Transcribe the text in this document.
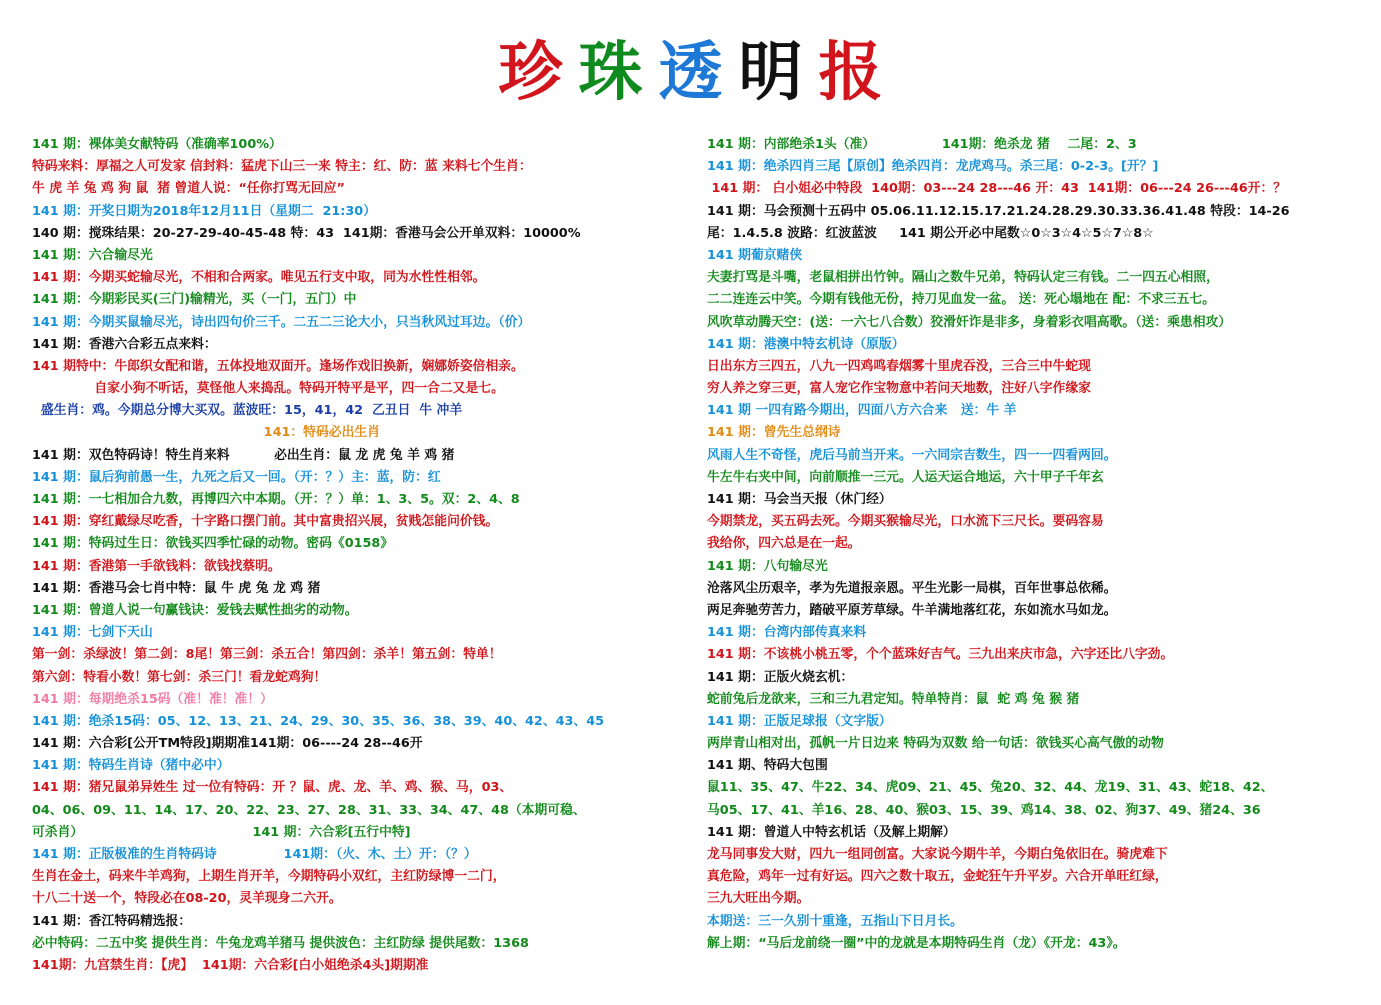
珍 珠 透 明 报
141 期：裸体美女献特码（准确率100%）
特码来料：厚福之人可发家 信封料：猛虎下山三一来 特主：红、防：蓝 来料七个生肖：
牛 虎 羊 兔 鸡 狗 鼠  猪 曾道人说：“任你打骂无回应”
141 期：开奖日期为2018年12月11日（星期二  21:30）
140 期：搅珠结果：20-27-29-40-45-48 特：43  141期：香港马会公开单双料：10000%
141 期：六合输尽光
141 期：今期买蛇输尽光，不相和合两家。唯见五行支中取，同为水性性相邻。
141 期：今期彩民买(三门)输精光，买（一门，五门）中
141 期：今期买鼠输尽光，诗出四句价三千。二五二三论大小，只当秋风过耳边。（价）
141 期：香港六合彩五点来料：
141 期特中：牛郎织女配和谐，五体投地双面开。逢场作戏旧换新，娴娜娇姿倍相亲。
自家小狗不听话，莫怪他人来捣乱。特码开特平是平，四一合二又是七。
盛生肖：鸡。今期总分博大买双。蓝波旺：15，41，42  乙丑日  牛 冲羊
141：特码必出生肖
141 期：双色特码诗！特生肖来料          必出生肖：鼠 龙 虎 兔 羊 鸡 猪
141 期：鼠后狗前愚一生，九死之后又一回。（开：？）主：蓝，防：红
141 期：一七相加合九数，再博四六中本期。（开：？）单：1、3、5。双：2、4、8
141 期：穿红戴绿尽吃香，十字路口摆门前。其中富贵招兴展，贫贱怎能问价钱。
141 期：特码过生日：欲钱买四季忙碌的动物。密码《0158》
141 期：香港第一手欲钱料：欲钱找蔡明。
141 期：香港马会七肖中特：鼠 牛 虎 兔 龙 鸡 猪
141 期：曾道人说一句赢钱诀：爱钱去赋性拙劣的动物。
141 期：七剑下天山
第一剑：杀绿波！第二剑：8尾！第三剑：杀五合！第四剑：杀羊！第五剑：特单！
第六剑：特看小数！第七剑：杀三门！看龙蛇鸡狗！
141 期：每期绝杀15码（准！准！准！）
141 期：绝杀15码：05、12、13、21、24、29、30、35、36、38、39、40、42、43、45
141 期：六合彩[公开TM特段]期期准141期：06----24 28--46开
141 期：特码生肖诗（猪中必中）
141 期：猪兄鼠弟异姓生 过一位有特码：开 ？鼠、虎、龙、羊、鸡、猴、马，03、
04、06、09、11、14、17、20、22、23、27、28、31、33、34、47、48（本期可稳、
可杀肖）                                      141 期：六合彩[五行中特]
141 期：正版极准的生肖特码诗               141期：（火、木、土）开：（？）
生肖在金土，码来牛羊鸡狗，上期生肖开羊，今期特码小双红，主红防绿博一二门，
十八二十送一个，特段必在08-20，灵羊现身二六开。
141 期：香江特码精选报：
必中特码：二五中奖 提供生肖：牛兔龙鸡羊猪马 提供波色：主红防绿 提供尾数：1368
141期：九宫禁生肖：【虎】  141期：六合彩[白小姐绝杀4头]期期准
141 期：内部绝杀1头（准）               141期：绝杀龙 猪    二尾：2、3
141 期：绝杀四肖三尾【原创】绝杀四肖：龙虎鸡马。杀三尾：0-2-3。[开？]
141 期： 白小姐必中特段  140期：03---24 28---46 开：43  141期：06---24 26---46开：？
141 期：马会预测十五码中 05.06.11.12.15.17.21.24.28.29.30.33.36.41.48 特段：14-26
尾：1.4.5.8 波路：红波蓝波     141 期公开必中尾数☆0☆3☆4☆5☆7☆8☆
141 期葡京赌侠
夫妻打骂是斗嘴，老鼠相拼出竹钟。隔山之数牛兄弟，特码认定三有钱。二一四五心相照，
二二连连云中笑。今期有钱他无份，持刀见血发一盆。 送：死心塌地在 配：不求三五七。
风吹草动腾天空：(送：一六七八合数）狡滑奸诈是非多，身着彩衣唱高歌。（送：乘患相攻）
141 期：港澳中特玄机诗（原版）
日出东方三四五，八九一四鸡鸣春烟雾十里虎吞没，三合三中牛蛇现
穷人养之穿三更，富人宠它作宝物意中若问天地数，注好八字作缘家
141 期 一四有路今期出，四面八方六合来   送：牛 羊
141 期：曾先生总纲诗
风雨人生不奇怪，虎后马前当开来。一六同宗吉数生，四一一四看两回。
牛左牛右夹中间，向前顺推一三元。人运天运合地运，六十甲子千年玄
141 期：马会当天报（休门经）
今期禁龙，买五码去死。今期买猴输尽光，口水流下三尺长。要码容易
我给你，四六总是在一起。
141 期：八句输尽光
沧落风尘历艰辛，孝为先道报亲恩。平生光影一局棋，百年世事总依稀。
两足奔驰劳苦力，踏破平原芳草绿。牛羊满地落红花，东如流水马如龙。
141 期：台湾内部传真来料
141 期：不该桃小桃五零，个个蓝珠好吉气。三九出来庆市急，六字还比八字劲。
141 期：正版火烧玄机：
蛇前兔后龙欲来，三和三九君定知。特单特肖：鼠  蛇 鸡 兔 猴 猪
141 期：正版足球报（文字版）
两岸青山相对出，孤帆一片日边来 特码为双数 给一句话：欲钱买心高气傲的动物
141 期、特码大包围
鼠11、35、47、牛22、34、虎09、21、45、兔20、32、44、龙19、31、43、蛇18、42、
马05、17、41、羊16、28、40、猴03、15、39、鸡14、38、02、狗37、49、猪24、36
141 期：曾道人中特玄机话（及解上期解）
龙马同事发大财，四九一组同创富。大家说今期牛羊，今期白兔依旧在。骑虎难下
真危险，鸡年一过有好运。四六之数十取五，金蛇狂午升平岁。六合开单旺红绿，
三九大旺出今期。
本期送：三一久别十重逢，五指山下日月长。
解上期：“马后龙前绕一圈”中的龙就是本期特码生肖（龙）《开龙：43》。
